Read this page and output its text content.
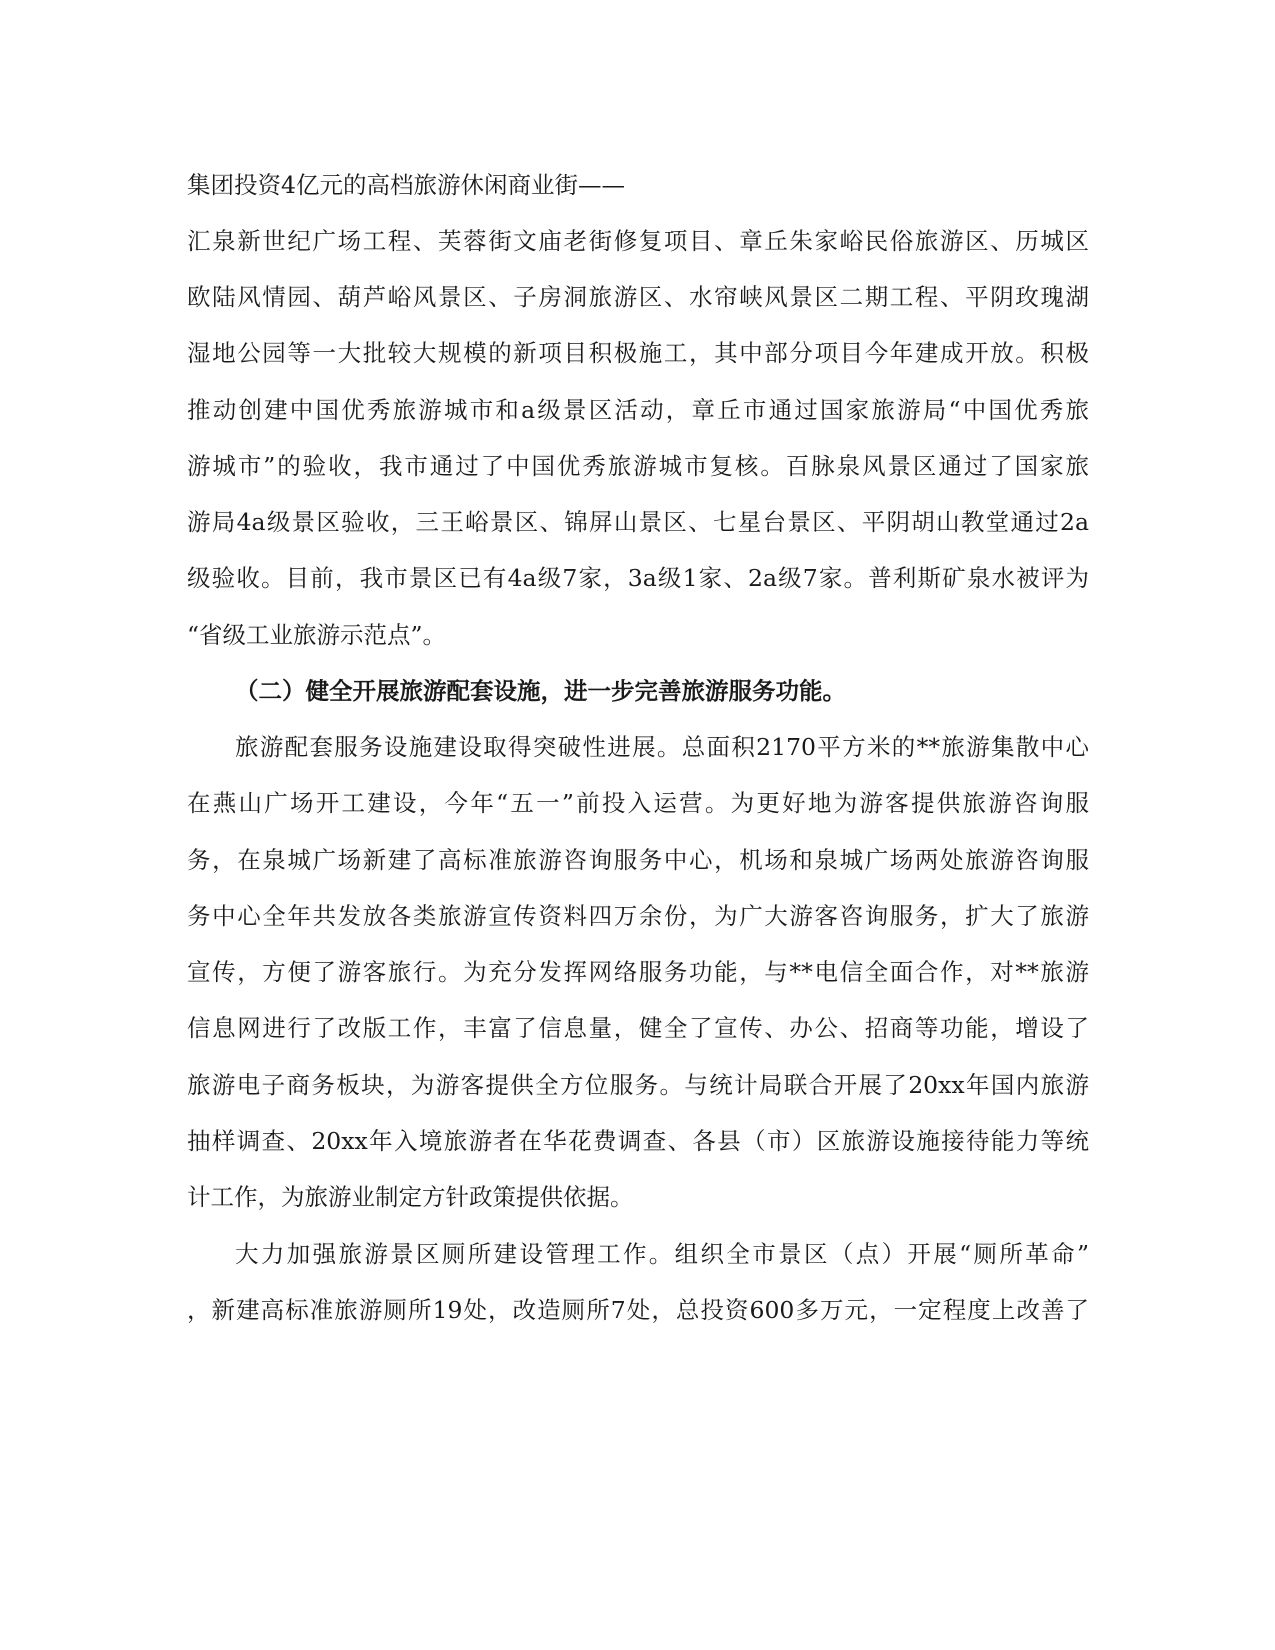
集团投资4亿元的高档旅游休闲商业街——

汇泉新世纪广场工程、芙蓉街文庙老街修复项目、章丘朱家峪民俗旅游区、历城区

欧陆风情园、葫芦峪风景区、子房洞旅游区、水帘峡风景区二期工程、平阴玫瑰湖

湿地公园等一大批较大规模的新项目积极施工，其中部分项目今年建成开放。积极

推动创建中国优秀旅游城市和a级景区活动，章丘市通过国家旅游局“中国优秀旅

游城市”的验收，我市通过了中国优秀旅游城市复核。百脉泉风景区通过了国家旅

游局4a级景区验收，三王峪景区、锦屏山景区、七星台景区、平阴胡山教堂通过2a

级验收。目前，我市景区已有4a级7家，3a级1家、2a级7家。普利斯矿泉水被评为

“省级工业旅游示范点”。

（二）健全开展旅游配套设施，进一步完善旅游服务功能。

旅游配套服务设施建设取得突破性进展。总面积2170平方米的**旅游集散中心

在燕山广场开工建设，今年“五一”前投入运营。为更好地为游客提供旅游咨询服

务，在泉城广场新建了高标准旅游咨询服务中心，机场和泉城广场两处旅游咨询服

务中心全年共发放各类旅游宣传资料四万余份，为广大游客咨询服务，扩大了旅游

宣传，方便了游客旅行。为充分发挥网络服务功能，与**电信全面合作，对**旅游

信息网进行了改版工作，丰富了信息量，健全了宣传、办公、招商等功能，增设了

旅游电子商务板块，为游客提供全方位服务。与统计局联合开展了20xx年国内旅游

抽样调查、20xx年入境旅游者在华花费调查、各县（市）区旅游设施接待能力等统

计工作，为旅游业制定方针政策提供依据。

大力加强旅游景区厕所建设管理工作。组织全市景区（点）开展“厕所革命”

，新建高标准旅游厕所19处，改造厕所7处，总投资600多万元，一定程度上改善了
